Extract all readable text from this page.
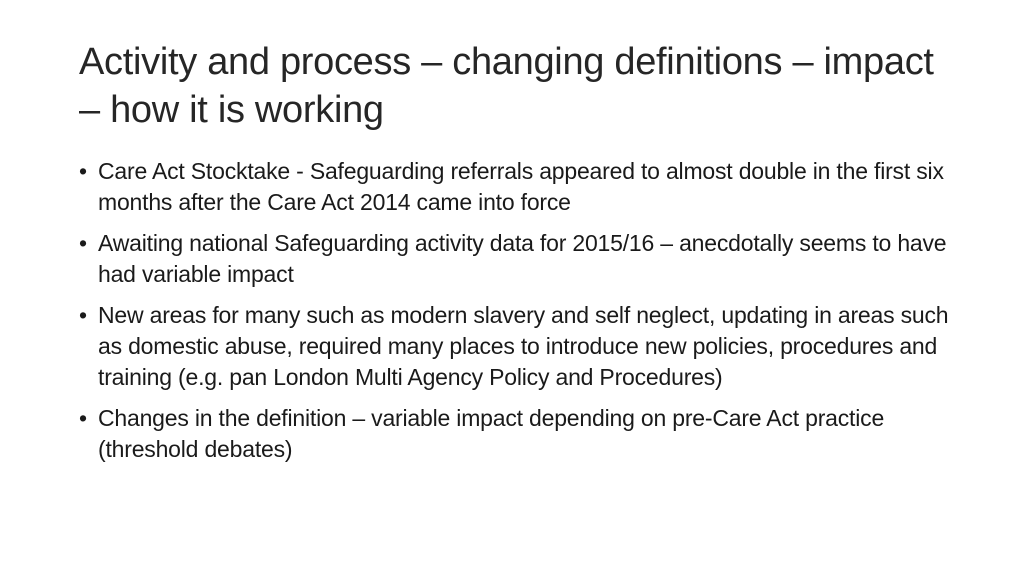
Activity and process – changing definitions – impact – how it is working
• Care Act Stocktake - Safeguarding referrals appeared to almost double in the first six months after the Care Act 2014 came into force
• Awaiting national Safeguarding activity data for 2015/16 – anecdotally seems to have had variable impact
• New areas for many such as modern slavery and self neglect, updating in areas such as domestic abuse, required many places to introduce new policies, procedures and training (e.g. pan London Multi Agency Policy and Procedures)
• Changes in the definition – variable impact depending on pre-Care Act practice (threshold debates)
